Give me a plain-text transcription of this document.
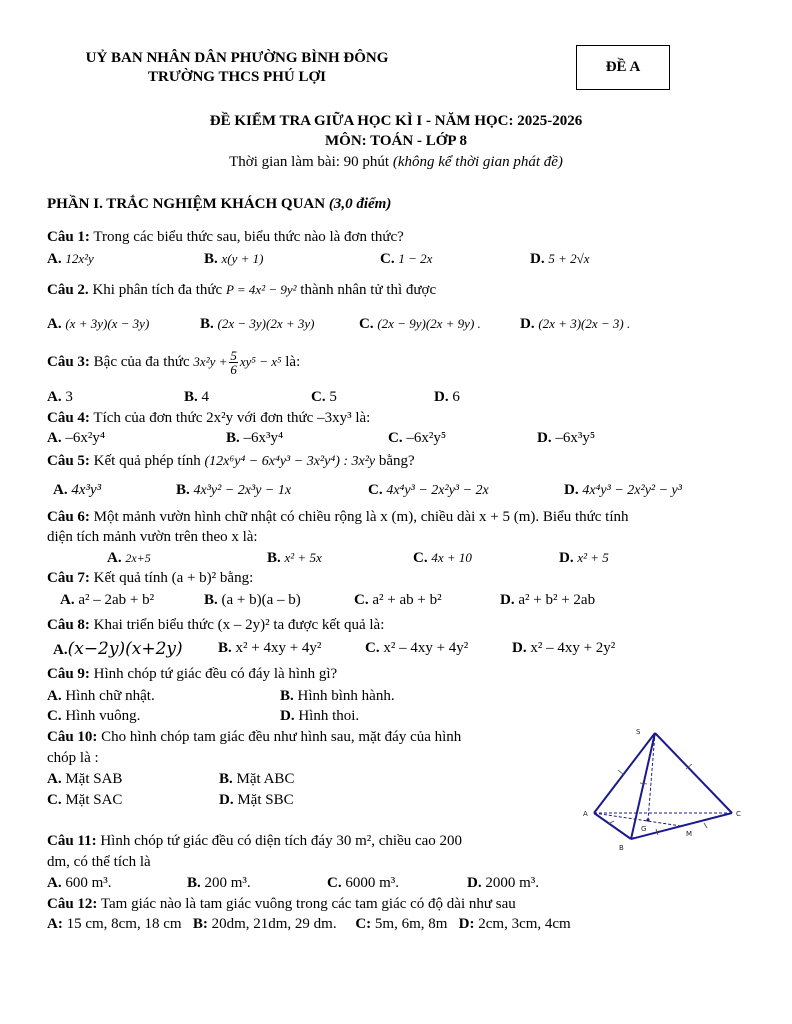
UỶ BAN NHÂN DÂN PHƯỜNG BÌNH ĐÔNG
TRƯỜNG THCS PHÚ LỢI
ĐỀ A
ĐỀ KIỂM TRA GIỮA HỌC KÌ I - NĂM HỌC: 2025-2026
MÔN: TOÁN - LỚP 8
Thời gian làm bài: 90 phút (không kể thời gian phát đề)
PHẦN I. TRẮC NGHIỆM KHÁCH QUAN (3,0 điểm)
Câu 1: Trong các biểu thức sau, biểu thức nào là đơn thức?
A. 12x²y	B. x(y + 1)	C. 1 − 2x	D. 5 + 2√x
Câu 2. Khi phân tích đa thức P = 4x² − 9y² thành nhân tử thì được
A. (x + 3y)(x − 3y)	B. (2x − 3y)(2x + 3y)	C. (2x − 9y)(2x + 9y) .	D. (2x + 3)(2x − 3) .
Câu 3: Bậc của đa thức $3x^2y + \frac{5}{6} xy^5 - x^5$ là:
A. 3	B. 4	C. 5	D. 6
Câu 4: Tích của đơn thức 2x²y với đơn thức –3xy³ là:
A. –6x²y⁴	B. –6x³y⁴	C. –6x²y⁵	D. –6x³y⁵
Câu 5: Kết quả phép tính (12x⁶y⁴ − 6x⁴y³ − 3x²y⁴) : 3x²y bằng?
A. 4x³y³	B. 4x³y² − 2x³y − 1x	C. 4x⁴y³ − 2x²y³ − 2x	D. 4x⁴y³ − 2x²y² − y³
Câu 6: Một mảnh vườn hình chữ nhật có chiều rộng là x (m), chiều dài x + 5 (m). Biểu thức tính
diện tích mảnh vườn trên theo x là:
A. 2x+5	B. x² + 5x	C. 4x + 10	D. x² + 5
Câu 7: Kết quả tính (a + b)² bằng:
A. a² – 2ab + b²	B. (a + b)(a – b)	C. a² + ab + b²	D. a² + b² + 2ab
Câu 8: Khai triển biểu thức (x – 2y)² ta được kết quả là:
A.(x−2y)(x+2y) B. x² + 4xy + 4y²	C. x² – 4xy + 4y²	D. x² – 4xy + 2y²
Câu 9: Hình chóp tứ giác đều có đáy là hình gì?
A. Hình chữ nhật.	B. Hình bình hành.
C. Hình vuông.	D. Hình thoi.
Câu 10: Cho hình chóp tam giác đều như hình sau, mặt đáy của hình
chóp là :
A. Mặt SAB	B. Mặt ABC
C. Mặt SAC	D. Mặt SBC
S
A
B
C
G
M
Câu 11: Hình chóp tứ giác đều có diện tích đáy 30 m², chiều cao 200
dm, có thể tích là
A. 600 m³.	B. 200 m³.	C. 6000 m³.	D. 2000 m³.
Câu 12: Tam giác nào là tam giác vuông trong các tam giác có độ dài như sau
A: 15 cm, 8cm, 18 cm B: 20dm, 21dm, 29 dm. C: 5m, 6m, 8m D: 2cm, 3cm, 4cm
